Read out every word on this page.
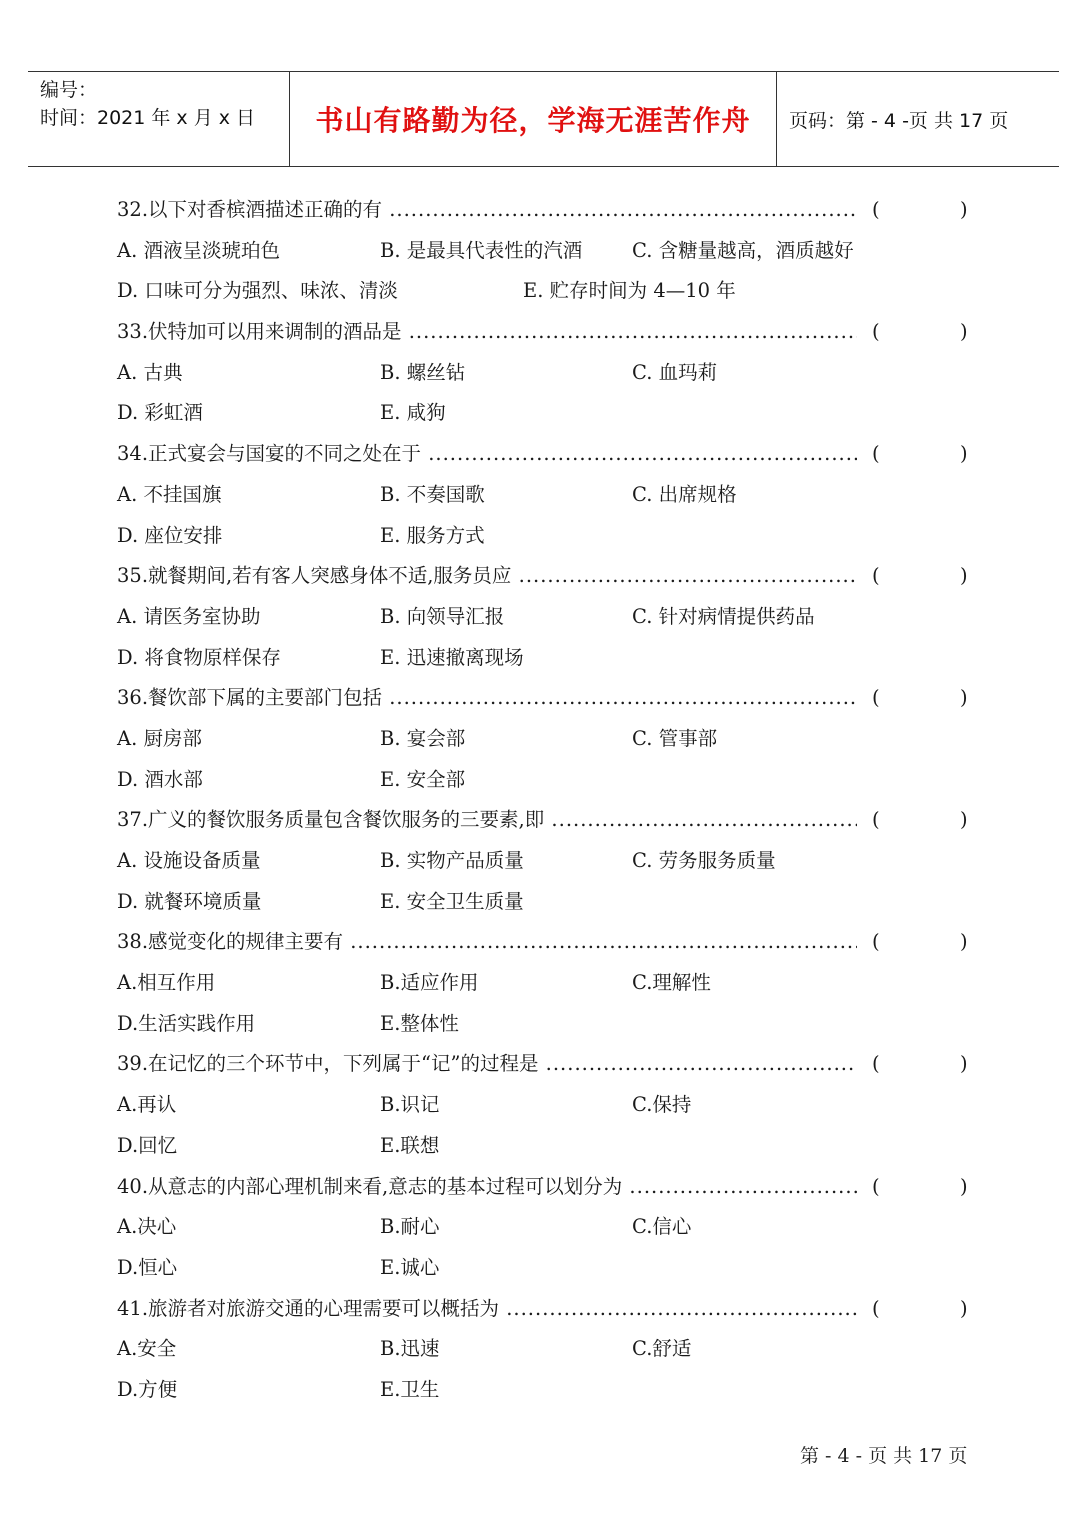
编号：
时间：2021 年 x 月 x 日	书山有路勤为径，学海无涯苦作舟	页码：第 - 4 -页 共 17 页
32.以下对香槟酒描述正确的有 .....	(	)
A. 酒液呈淡琥珀色	B. 是最具代表性的汽酒	C. 含糖量越高，酒质越好
D. 口味可分为强烈、味浓、清淡	E. 贮存时间为 4—10 年
33.伏特加可以用来调制的酒品是 .....	(	)
A. 古典	B. 螺丝钻	C. 血玛莉
D. 彩虹酒	E. 咸狗
34.正式宴会与国宴的不同之处在于 .....	(	)
A. 不挂国旗	B. 不奏国歌	C. 出席规格
D. 座位安排	E. 服务方式
35.就餐期间,若有客人突感身体不适,服务员应 .....	(	)
A. 请医务室协助	B. 向领导汇报	C. 针对病情提供药品
D. 将食物原样保存	E. 迅速撤离现场
36.餐饮部下属的主要部门包括 .....	(	)
A. 厨房部	B. 宴会部	C. 管事部
D. 酒水部	E. 安全部
37.广义的餐饮服务质量包含餐饮服务的三要素,即 .....	(	)
A. 设施设备质量	B. 实物产品质量	C. 劳务服务质量
D. 就餐环境质量	E. 安全卫生质量
38.感觉变化的规律主要有 .....	(	)
A.相互作用	B.适应作用	C.理解性
D.生活实践作用	E.整体性
39.在记忆的三个环节中，下列属于“记”的过程是 .....	(	)
A.再认	B.识记	C.保持
D.回忆	E.联想
40.从意志的内部心理机制来看,意志的基本过程可以划分为 .....	(	)
A.决心	B.耐心	C.信心
D.恒心	E.诚心
41.旅游者对旅游交通的心理需要可以概括为 .....	(	)
A.安全	B.迅速	C.舒适
D.方便	E.卫生
第 - 4 - 页 共 17 页
